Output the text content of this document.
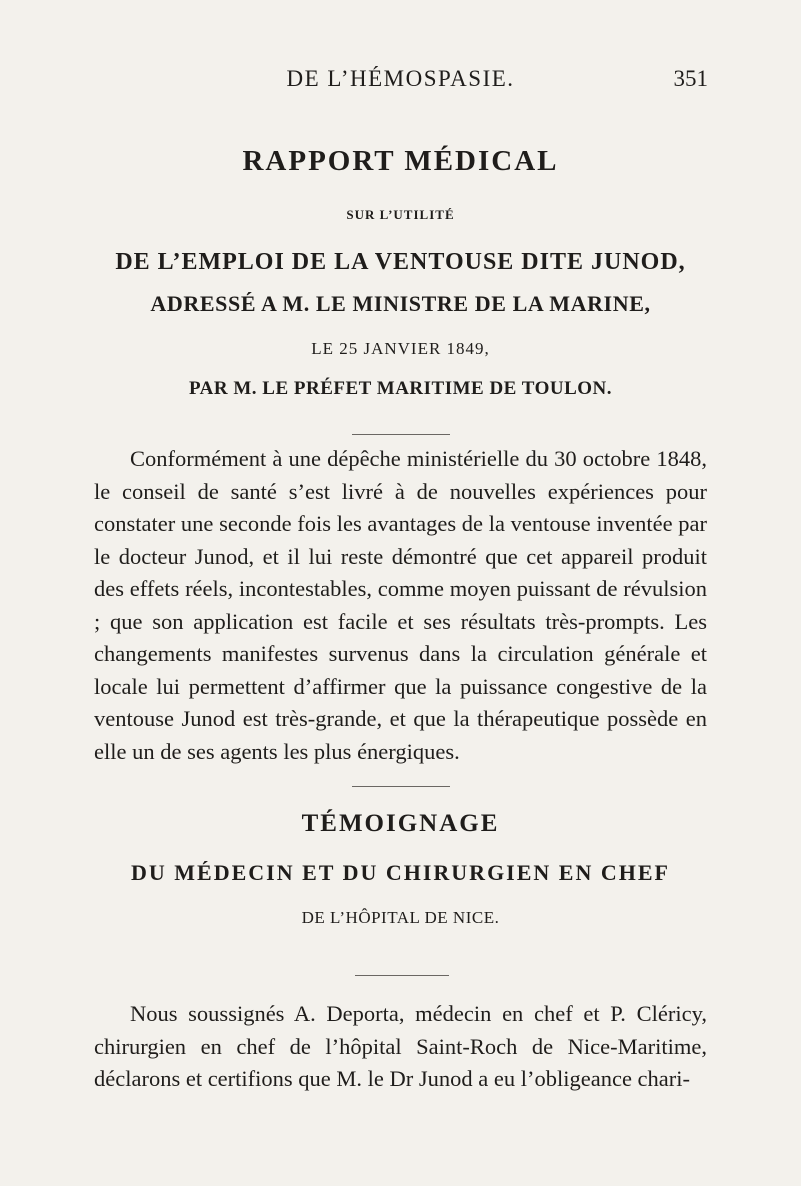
DE L’HÉMOSPASIE.	351
RAPPORT MÉDICAL
SUR L’UTILITÉ
DE L’EMPLOI DE LA VENTOUSE DITE JUNOD,
ADRESSÉ A M. LE MINISTRE DE LA MARINE,
LE 25 JANVIER 1849,
PAR M. LE PRÉFET MARITIME DE TOULON.

Conformément à une dépêche ministérielle du 30 octobre 1848, le conseil de santé s’est livré à de nouvelles expériences pour constater une seconde fois les avantages de la ventouse inventée par le docteur Junod, et il lui reste démontré que cet appareil produit des effets réels, incontestables, comme moyen puissant de révulsion ; que son application est facile et ses résultats très-prompts. Les changements manifestes survenus dans la circulation générale et locale lui permettent d’affirmer que la puissance congestive de la ventouse Junod est très-grande, et que la thérapeutique possède en elle un de ses agents les plus énergiques.

TÉMOIGNAGE
DU MÉDECIN ET DU CHIRURGIEN EN CHEF
DE L’HÔPITAL DE NICE.

Nous soussignés A. Deporta, médecin en chef et P. Cléricy, chirurgien en chef de l’hôpital Saint-Roch de Nice-Maritime, déclarons et certifions que M. le Dr Junod a eu l’obligeance chari-
